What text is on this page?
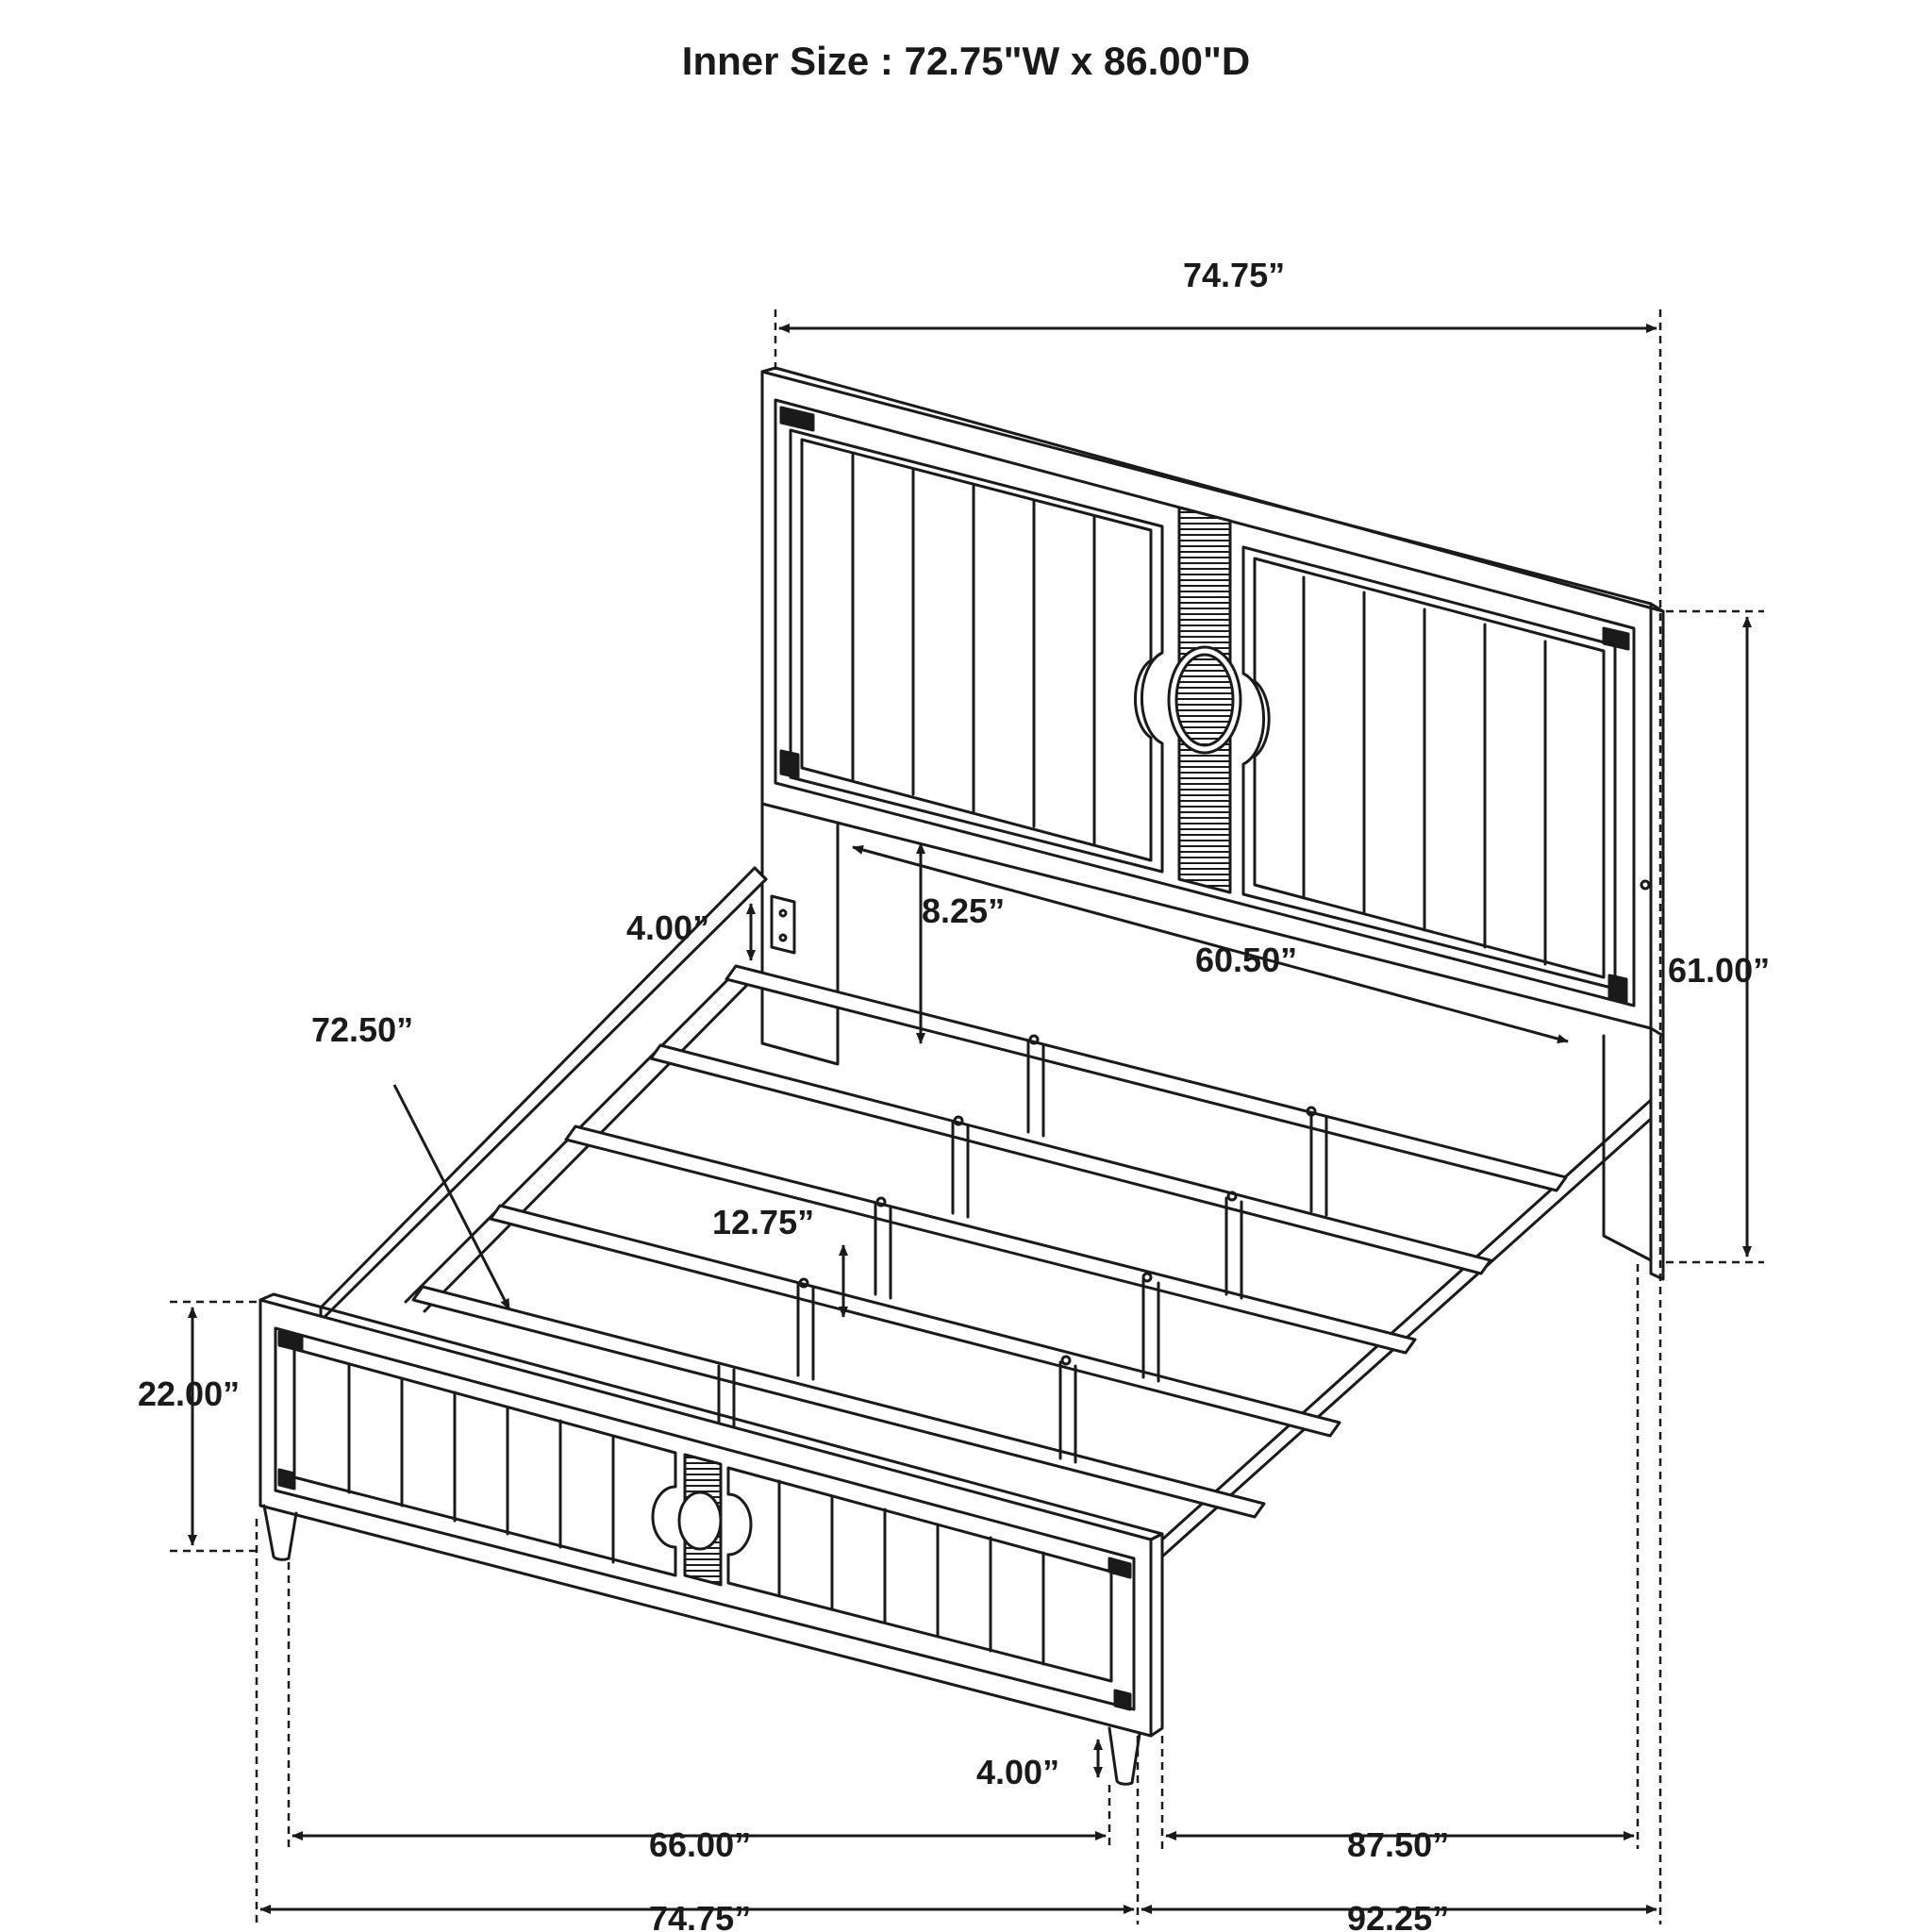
Inner Size : 72.75"W x 86.00"D
74.75”
61.00”
4.00”	8.25”
60.50”
72.50”
12.75”
22.00”
4.00”
66.00”	87.50”
74.75”	92.25”
